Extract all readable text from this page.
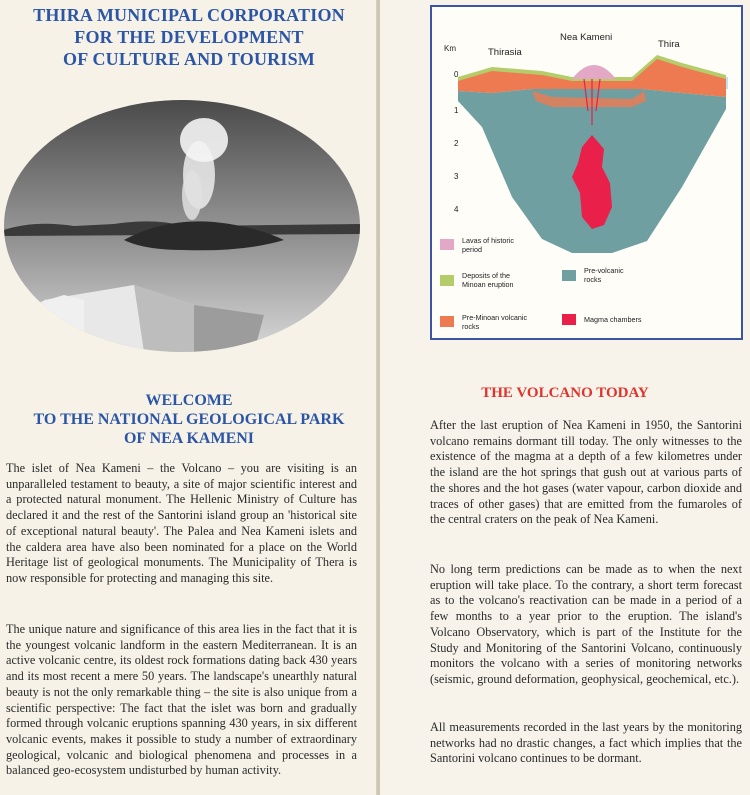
THIRA MUNICIPAL CORPORATION
FOR THE DEVELOPMENT
OF CULTURE AND TOURISM
WELCOME
TO THE NATIONAL GEOLOGICAL PARK
OF NEA KAMENI

The islet of Nea Kameni – the Volcano – you are visiting is an unparalleled testament to beauty, a site of major scientific interest and a protected natural monument. The Hellenic Ministry of Culture has declared it and the rest of the Santorini island group an 'historical site of exceptional natural beauty'. The Palea and Nea Kameni islets and the caldera area have also been nominated for a place on the World Heritage list of geological monuments. The Municipality of Thera is now responsible for protecting and managing this site.

The unique nature and significance of this area lies in the fact that it is the youngest volcanic landform in the eastern Mediterranean. It is an active volcanic centre, its oldest rock formations dating back 430 years and its most recent a mere 50 years. The landscape's unearthly natural beauty is not the only remarkable thing – the site is also unique from a scientific perspective: The fact that the islet was born and gradually formed through volcanic eruptions spanning 430 years, in six different volcanic events, makes it possible to study a number of extraordinary geological, volcanic and biological phenomena and processes in a balanced geo-ecosystem undisturbed by human activity.

Km
0
1
2
3
4
Thirasia
Nea Kameni
Thira
Lavas of historic
period
Deposits of the
Minoan eruption
Pre-volcanic
rocks
Pre-Minoan volcanic
rocks
Magma chambers
THE VOLCANO TODAY

After the last eruption of Nea Kameni in 1950, the Santorini volcano remains dormant till today. The only witnesses to the existence of the magma at a depth of a few kilometres under the island are the hot springs that gush out at various parts of the shores and the hot gases (water vapour, carbon dioxide and traces of other gases) that are emitted from the fumaroles of the central craters on the peak of Nea Kameni.

No long term predictions can be made as to when the next eruption will take place. To the contrary, a short term forecast as to the volcano's reactivation can be made in a period of a few months to a year prior to the eruption. The island's Volcano Observatory, which is part of the Institute for the Study and Monitoring of the Santorini Volcano, continuously monitors the volcano with a series of monitoring networks (seismic, ground deformation, geophysical, geochemical, etc.).

All measurements recorded in the last years by the monitoring networks had no drastic changes, a fact which implies that the Santorini volcano continues to be dormant.
